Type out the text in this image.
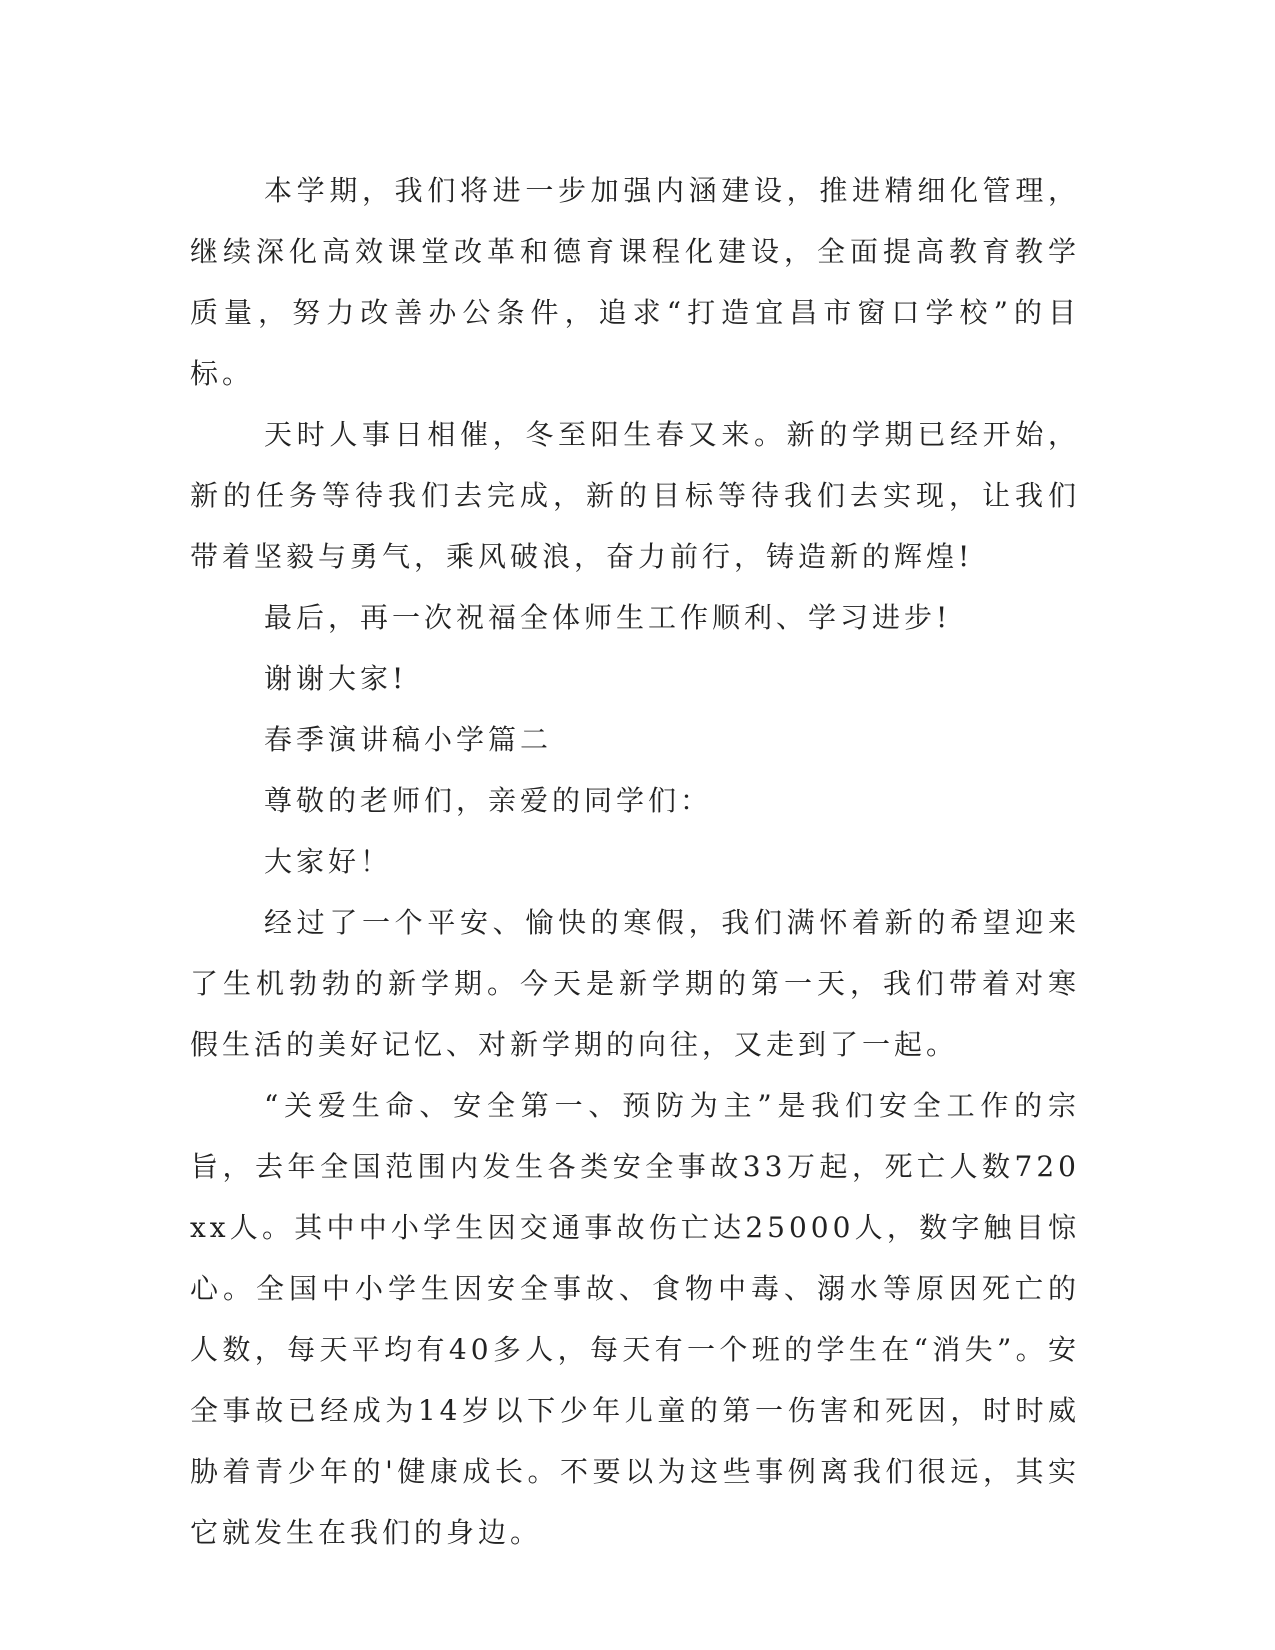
本学期，我们将进一步加强内涵建设，推进精细化管理，继续深化高效课堂改革和德育课程化建设，全面提高教育教学质量，努力改善办公条件，追求“打造宜昌市窗口学校”的目标。

天时人事日相催，冬至阳生春又来。新的学期已经开始，新的任务等待我们去完成，新的目标等待我们去实现，让我们带着坚毅与勇气，乘风破浪，奋力前行，铸造新的辉煌!

最后，再一次祝福全体师生工作顺利、学习进步!

谢谢大家!

春季演讲稿小学篇二

尊敬的老师们，亲爱的同学们：

大家好！

经过了一个平安、愉快的寒假，我们满怀着新的希望迎来了生机勃勃的新学期。今天是新学期的第一天，我们带着对寒假生活的美好记忆、对新学期的向往，又走到了一起。

“关爱生命、安全第一、预防为主”是我们安全工作的宗旨，去年全国范围内发生各类安全事故33万起，死亡人数720xx人。其中中小学生因交通事故伤亡达25000人，数字触目惊心。全国中小学生因安全事故、食物中毒、溺水等原因死亡的人数，每天平均有40多人，每天有一个班的学生在“消失”。安全事故已经成为14岁以下少年儿童的第一伤害和死因，时时威胁着青少年的'健康成长。不要以为这些事例离我们很远，其实它就发生在我们的身边。
